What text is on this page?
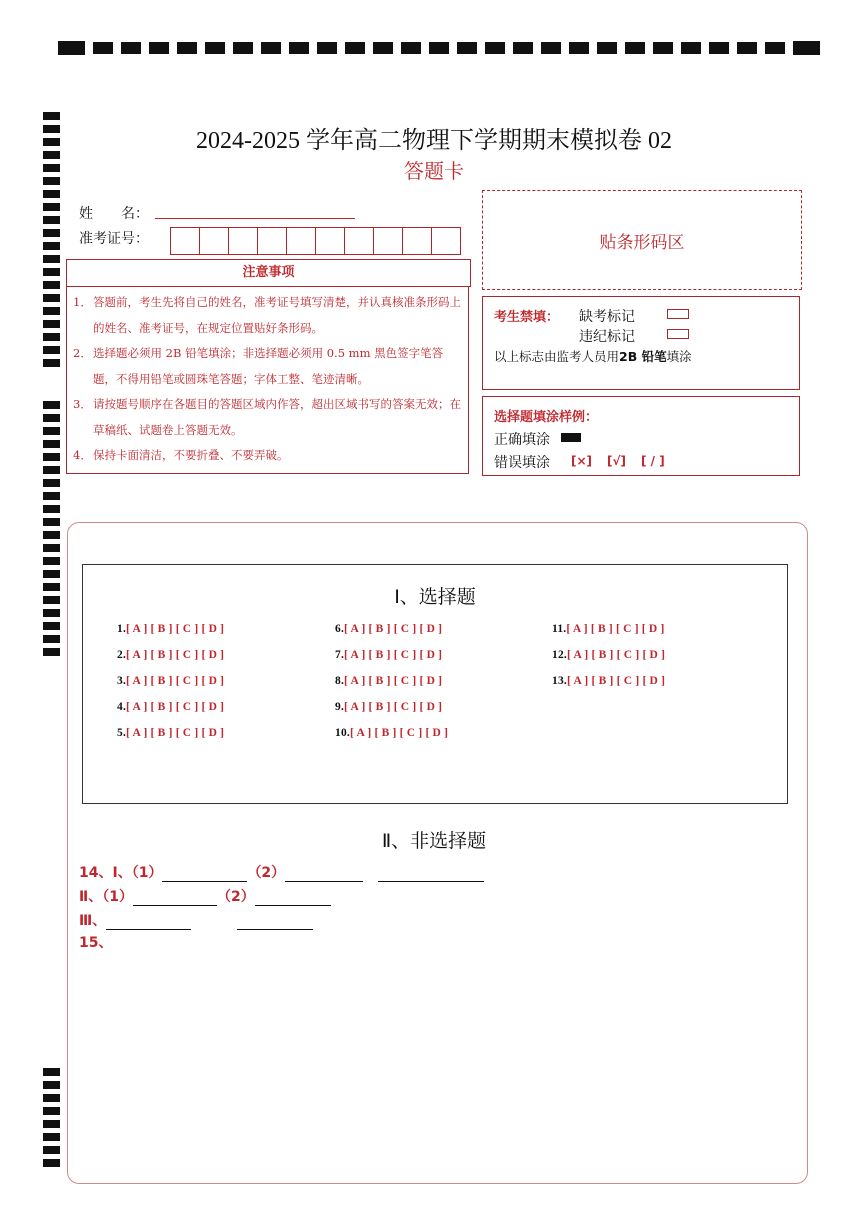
2024-2025 学年高二物理下学期期末模拟卷 02
答题卡
姓　　名：
准考证号：	贴条形码区
注意事项
1． 答题前，考生先将自己的姓名，准考证号填写清楚，并认真核准条形码上的姓名、准考证号，在规定位置贴好条形码。
2． 选择题必须用 2B 铅笔填涂；非选择题必须用 0.5 mm 黑色签字笔答题，不得用铅笔或圆珠笔答题；字体工整、笔迹清晰。
3． 请按题号顺序在各题目的答题区域内作答，超出区域书写的答案无效；在草稿纸、试题卷上答题无效。
4． 保持卡面清洁，不要折叠、不要弄破。
考生禁填： 缺考标记
违纪标记
以上标志由监考人员用2B 铅笔填涂
选择题填涂样例：
正确填涂
错误填涂 [×] [√] [ / ]
Ⅰ、选择题
1.[ A ] [ B ] [ C ] [ D ]
2.[ A ] [ B ] [ C ] [ D ]
3.[ A ] [ B ] [ C ] [ D ]
4.[ A ] [ B ] [ C ] [ D ]
5.[ A ] [ B ] [ C ] [ D ]
6.[ A ] [ B ] [ C ] [ D ]
7.[ A ] [ B ] [ C ] [ D ]
8.[ A ] [ B ] [ C ] [ D ]
9.[ A ] [ B ] [ C ] [ D ]
10.[ A ] [ B ] [ C ] [ D ]
11.[ A ] [ B ] [ C ] [ D ]
12.[ A ] [ B ] [ C ] [ D ]
13.[ A ] [ B ] [ C ] [ D ]
Ⅱ、非选择题
14、Ⅰ、（1）	（2）
Ⅱ、（1）	（2）
Ⅲ、
15、
